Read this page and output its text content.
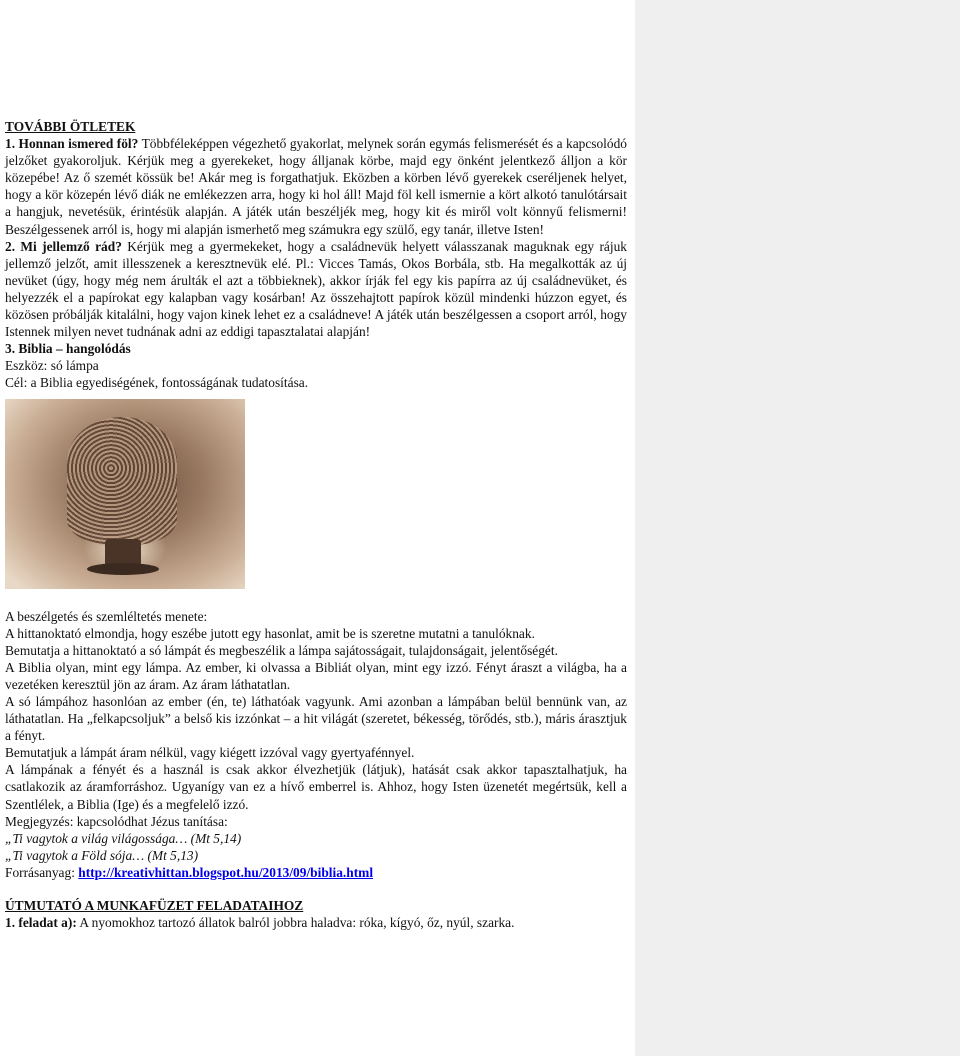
TOVÁBBI ÖTLETEK

1. Honnan ismered föl? Többféleképpen végezhető gyakorlat, melynek során egymás felismerését és a kapcsolódó jelzőket gyakoroljuk. Kérjük meg a gyerekeket, hogy álljanak körbe, majd egy önként jelentkező álljon a kör közepébe! Az ő szemét kössük be! Akár meg is forgathatjuk. Eközben a körben lévő gyerekek cseréljenek helyet, hogy a kör közepén lévő diák ne emlékezzen arra, hogy ki hol áll! Majd föl kell ismernie a kört alkotó tanulótársait a hangjuk, nevetésük, érintésük alapján. A játék után beszéljék meg, hogy kit és miről volt könnyű felismerni! Beszélgessenek arról is, hogy mi alapján ismerhető meg számukra egy szülő, egy tanár, illetve Isten!

2. Mi jellemző rád? Kérjük meg a gyermekeket, hogy a családnevük helyett válasszanak maguknak egy rájuk jellemző jelzőt, amit illesszenek a keresztnevük elé. Pl.: Vicces Tamás, Okos Borbála, stb. Ha megalkották az új nevüket (úgy, hogy még nem árulták el azt a többieknek), akkor írják fel egy kis papírra az új családnevüket, és helyezzék el a papírokat egy kalapban vagy kosárban! Az összehajtott papírok közül mindenki húzzon egyet, és közösen próbálják kitalálni, hogy vajon kinek lehet ez a családneve! A játék után beszélgessen a csoport arról, hogy Istennek milyen nevet tudnának adni az eddigi tapasztalatai alapján!

3. Biblia – hangolódás

Eszköz: só lámpa

Cél: a Biblia egyediségének, fontosságának tudatosítása.

A beszélgetés és szemléltetés menete:

A hittanoktató elmondja, hogy eszébe jutott egy hasonlat, amit be is szeretne mutatni a tanulóknak.

Bemutatja a hittanoktató a só lámpát és megbeszélik a lámpa sajátosságait, tulajdonságait, jelentőségét.

A Biblia olyan, mint egy lámpa. Az ember, ki olvassa a Bibliát olyan, mint egy izzó. Fényt áraszt a világba, ha a vezetéken keresztül jön az áram. Az áram láthatatlan.

A só lámpához hasonlóan az ember (én, te) láthatóak vagyunk. Ami azonban a lámpában belül bennünk van, az láthatatlan. Ha „felkapcsoljuk” a belső kis izzónkat – a hit világát (szeretet, békesség, törődés, stb.), máris árasztjuk a fényt.

Bemutatjuk a lámpát áram nélkül, vagy kiégett izzóval vagy gyertyafénnyel.

A lámpának a fényét és a használ is csak akkor élvezhetjük (látjuk), hatását csak akkor tapasztalhatjuk, ha csatlakozik az áramforráshoz. Ugyanígy van ez a hívő emberrel is. Ahhoz, hogy Isten üzenetét megértsük, kell a Szentlélek, a Biblia (Ige) és a megfelelő izzó.

Megjegyzés: kapcsolódhat Jézus tanítása:

„Ti vagytok a világ világossága… (Mt 5,14)

„Ti vagytok a Föld sója… (Mt 5,13)

Forrásanyag: http://kreativhittan.blogspot.hu/2013/09/biblia.html

ÚTMUTATÓ A MUNKAFÜZET FELADATAIHOZ

1. feladat a): A nyomokhoz tartozó állatok balról jobbra haladva: róka, kígyó, őz, nyúl, szarka.
